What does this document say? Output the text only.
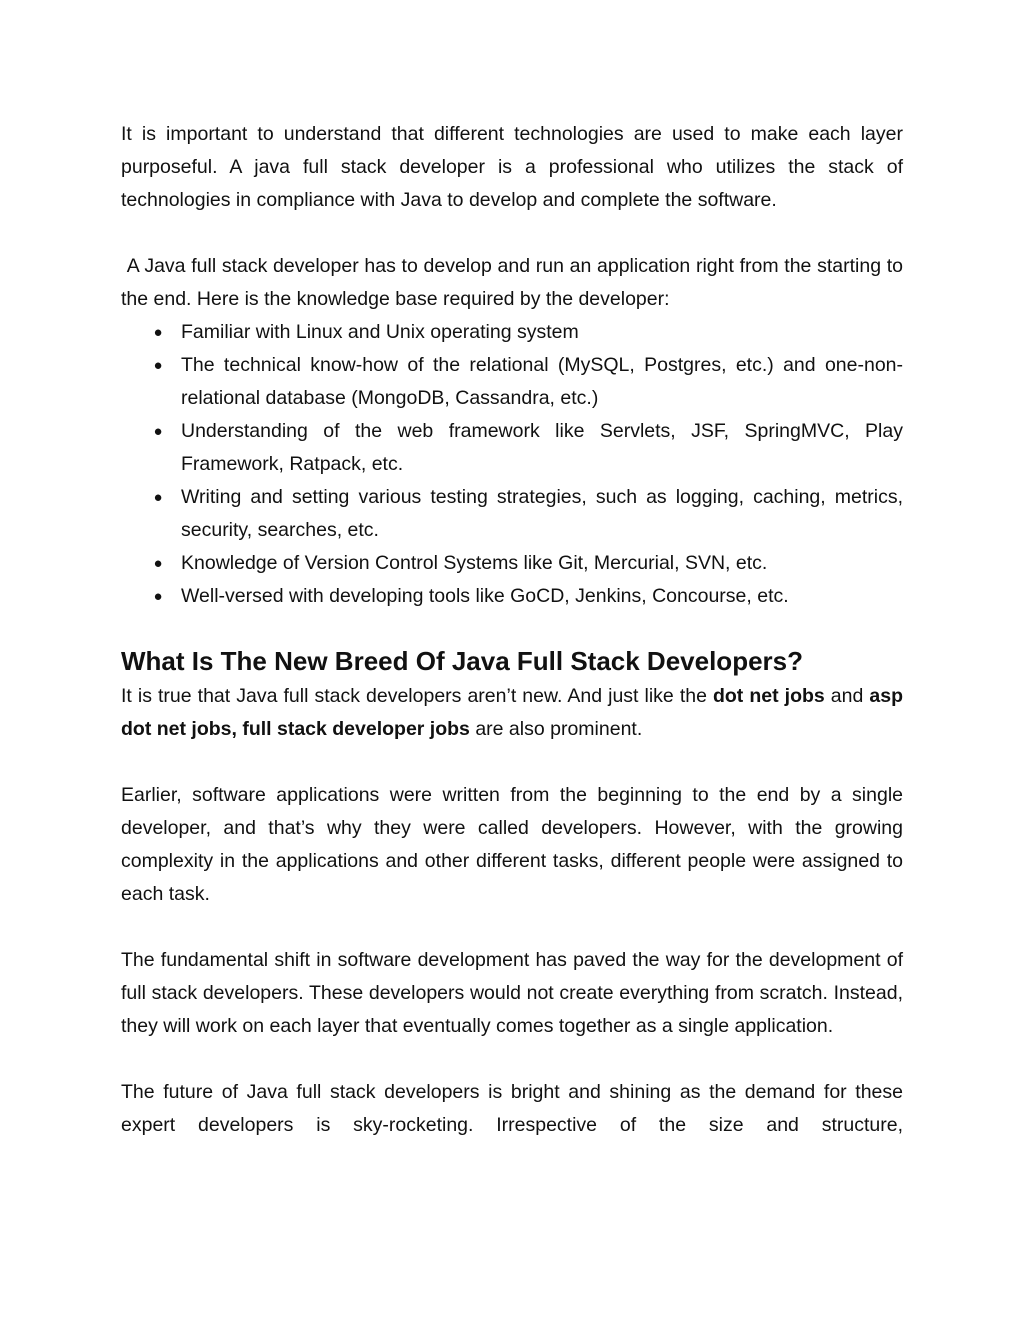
It is important to understand that different technologies are used to make each layer purposeful. A java full stack developer is a professional who utilizes the stack of technologies in compliance with Java to develop and complete the software.

A Java full stack developer has to develop and run an application right from the starting to the end. Here is the knowledge base required by the developer:

● Familiar with Linux and Unix operating system
● The technical know-how of the relational (MySQL, Postgres, etc.) and one-non-relational database (MongoDB, Cassandra, etc.)
● Understanding of the web framework like Servlets, JSF, SpringMVC, Play Framework, Ratpack, etc.
● Writing and setting various testing strategies, such as logging, caching, metrics, security, searches, etc.
● Knowledge of Version Control Systems like Git, Mercurial, SVN, etc.
● Well-versed with developing tools like GoCD, Jenkins, Concourse, etc.
What Is The New Breed Of Java Full Stack Developers?

It is true that Java full stack developers aren’t new. And just like the dot net jobs and asp dot net jobs, full stack developer jobs are also prominent.

Earlier, software applications were written from the beginning to the end by a single developer, and that’s why they were called developers. However, with the growing complexity in the applications and other different tasks, different people were assigned to each task.

The fundamental shift in software development has paved the way for the development of full stack developers. These developers would not create everything from scratch. Instead, they will work on each layer that eventually comes together as a single application.

The future of Java full stack developers is bright and shining as the demand for these expert developers is sky-rocketing. Irrespective of the size and structure,
